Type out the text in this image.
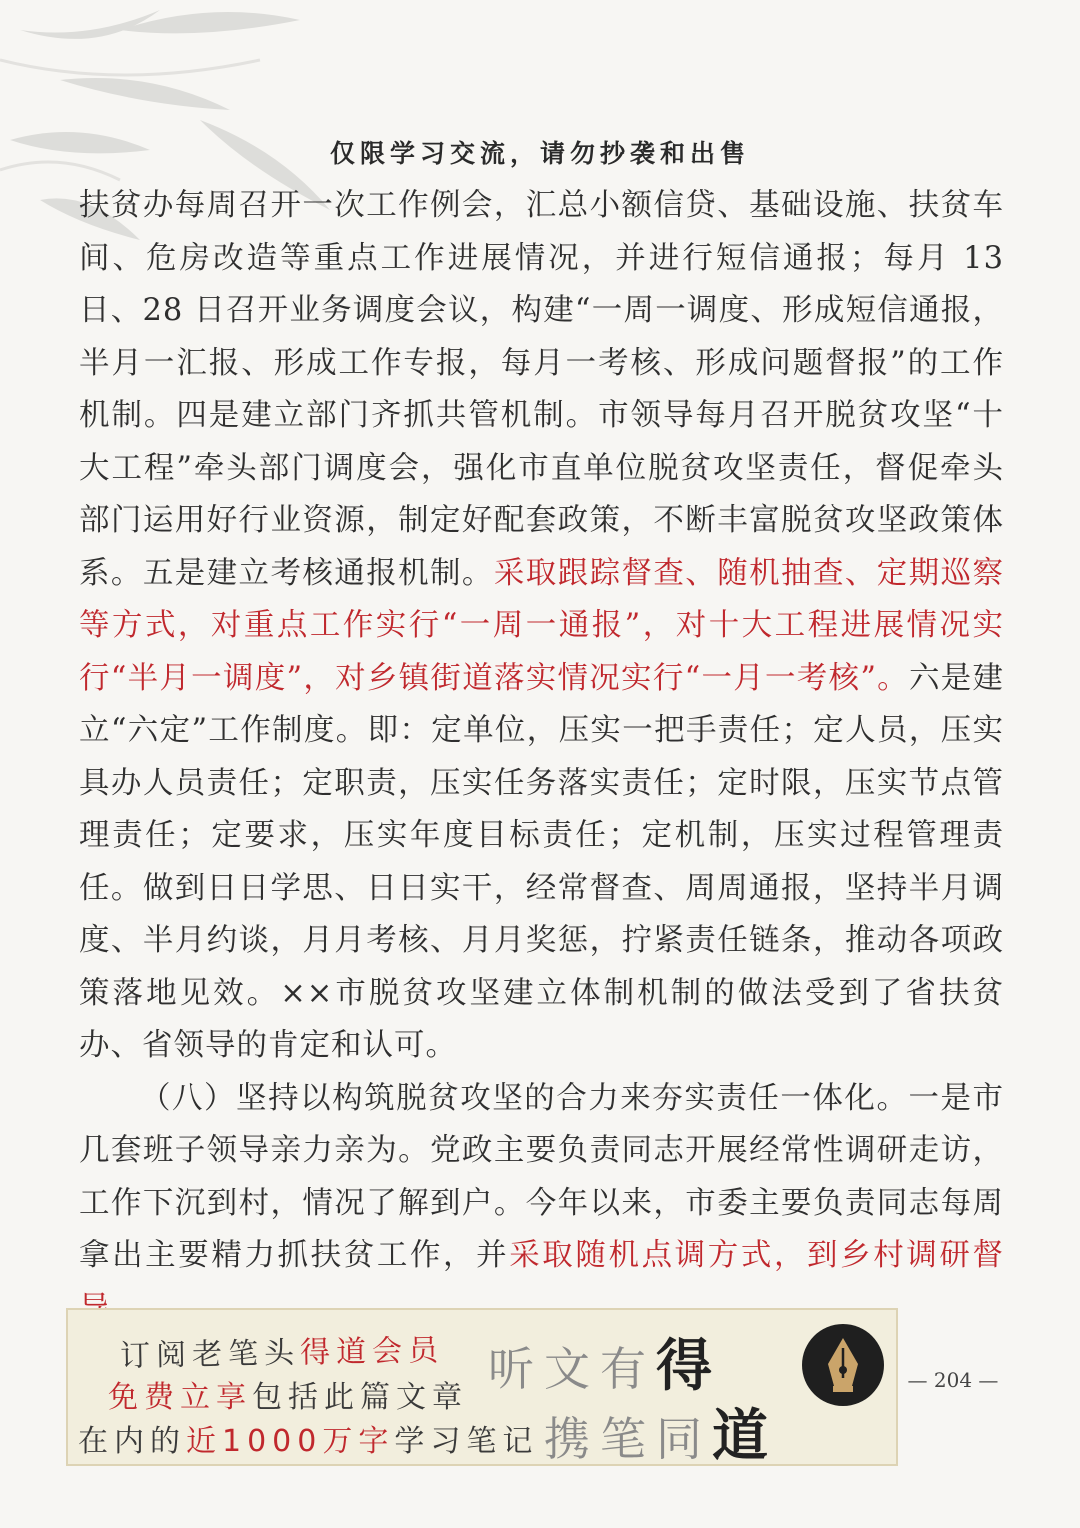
仅限学习交流，请勿抄袭和出售

扶贫办每周召开一次工作例会，汇总小额信贷、基础设施、扶贫车间、危房改造等重点工作进展情况，并进行短信通报；每月 13 日、28 日召开业务调度会议，构建“一周一调度、形成短信通报，半月一汇报、形成工作专报，每月一考核、形成问题督报”的工作机制。四是建立部门齐抓共管机制。市领导每月召开脱贫攻坚“十大工程”牵头部门调度会，强化市直单位脱贫攻坚责任，督促牵头部门运用好行业资源，制定好配套政策，不断丰富脱贫攻坚政策体系。五是建立考核通报机制。采取跟踪督查、随机抽查、定期巡察等方式，对重点工作实行“一周一通报”，对十大工程进展情况实行“半月一调度”，对乡镇街道落实情况实行“一月一考核”。六是建立“六定”工作制度。即：定单位，压实一把手责任；定人员，压实具办人员责任；定职责，压实任务落实责任；定时限，压实节点管理责任；定要求，压实年度目标责任；定机制，压实过程管理责任。做到日日学思、日日实干，经常督查、周周通报，坚持半月调度、半月约谈，月月考核、月月奖惩，拧紧责任链条，推动各项政策落地见效。××市脱贫攻坚建立体制机制的做法受到了省扶贫办、省领导的肯定和认可。

（八）坚持以构筑脱贫攻坚的合力来夯实责任一体化。一是市几套班子领导亲力亲为。党政主要负责同志开展经常性调研走访，工作下沉到村，情况了解到户。今年以来，市委主要负责同志每周拿出主要精力抓扶贫工作，并采取随机点调方式，到乡村调研督

订阅老笔头得道会员
免费立享包括此篇文章
在内的近1000万字学习笔记
听文有得
携笔同道
— 204 —
